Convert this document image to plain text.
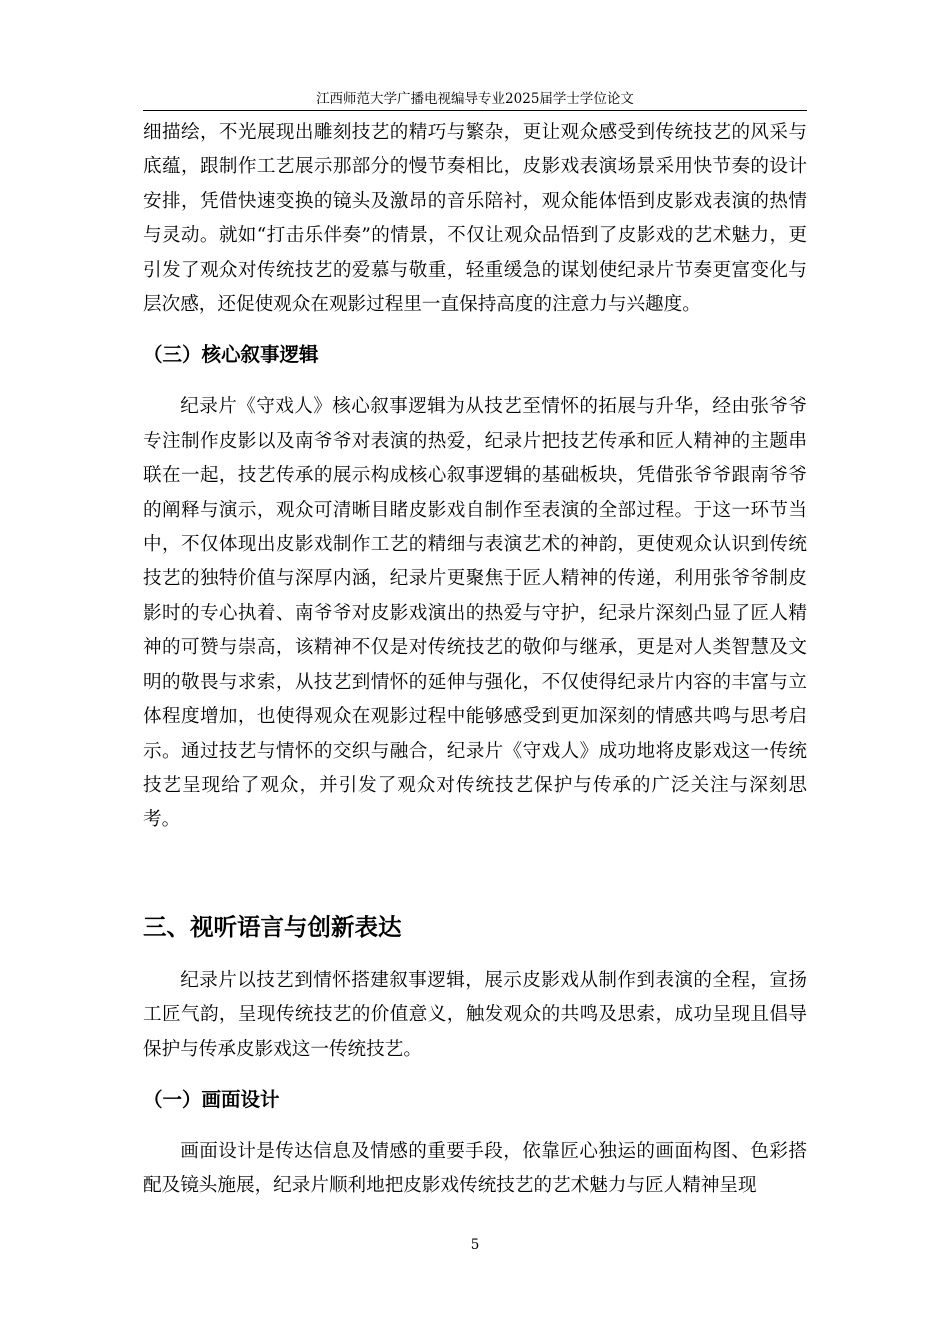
江西师范大学广播电视编导专业2025届学士学位论文

细描绘，不光展现出雕刻技艺的精巧与繁杂，更让观众感受到传统技艺的风采与底蕴，跟制作工艺展示那部分的慢节奏相比，皮影戏表演场景采用快节奏的设计安排，凭借快速变换的镜头及激昂的音乐陪衬，观众能体悟到皮影戏表演的热情与灵动。就如“打击乐伴奏”的情景，不仅让观众品悟到了皮影戏的艺术魅力，更引发了观众对传统技艺的爱慕与敬重，轻重缓急的谋划使纪录片节奏更富变化与层次感，还促使观众在观影过程里一直保持高度的注意力与兴趣度。

（三）核心叙事逻辑

纪录片《守戏人》核心叙事逻辑为从技艺至情怀的拓展与升华，经由张爷爷专注制作皮影以及南爷爷对表演的热爱，纪录片把技艺传承和匠人精神的主题串联在一起，技艺传承的展示构成核心叙事逻辑的基础板块，凭借张爷爷跟南爷爷的阐释与演示，观众可清晰目睹皮影戏自制作至表演的全部过程。于这一环节当中，不仅体现出皮影戏制作工艺的精细与表演艺术的神韵，更使观众认识到传统技艺的独特价值与深厚内涵，纪录片更聚焦于匠人精神的传递，利用张爷爷制皮影时的专心执着、南爷爷对皮影戏演出的热爱与守护，纪录片深刻凸显了匠人精神的可赞与崇高，该精神不仅是对传统技艺的敬仰与继承，更是对人类智慧及文明的敬畏与求索，从技艺到情怀的延伸与强化，不仅使得纪录片内容的丰富与立体程度增加，也使得观众在观影过程中能够感受到更加深刻的情感共鸣与思考启示。通过技艺与情怀的交织与融合，纪录片《守戏人》成功地将皮影戏这一传统技艺呈现给了观众，并引发了观众对传统技艺保护与传承的广泛关注与深刻思考。

三、视听语言与创新表达

纪录片以技艺到情怀搭建叙事逻辑，展示皮影戏从制作到表演的全程，宣扬工匠气韵，呈现传统技艺的价值意义，触发观众的共鸣及思索，成功呈现且倡导保护与传承皮影戏这一传统技艺。

（一）画面设计

画面设计是传达信息及情感的重要手段，依靠匠心独运的画面构图、色彩搭配及镜头施展，纪录片顺利地把皮影戏传统技艺的艺术魅力与匠人精神呈现

5
